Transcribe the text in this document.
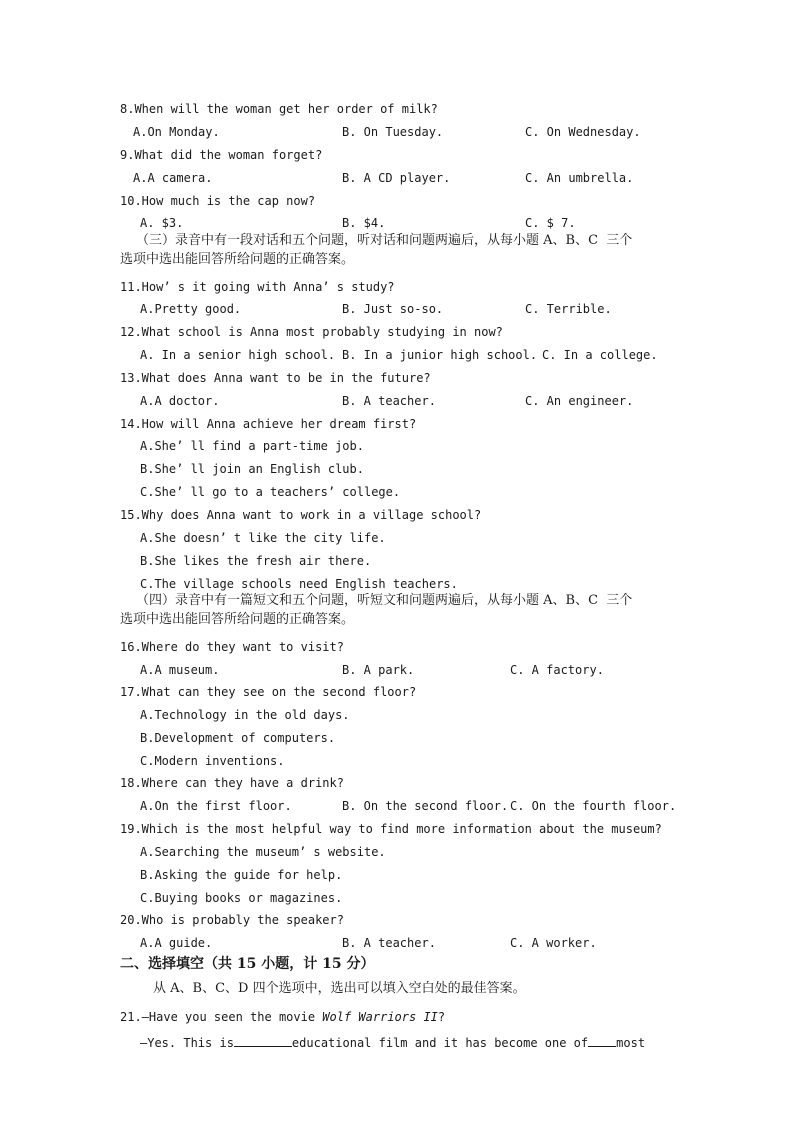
8.When will the woman get her order of milk?
A.On Monday.	B. On Tuesday.	C. On Wednesday.
9.What did the woman forget?
A.A camera.	B. A CD player.	C. An umbrella.
10.How much is the cap now?
A. $3.	B. $4.	C. $ 7.
（三）录音中有一段对话和五个问题，听对话和问题两遍后，从每小题 A、B、C  三个
选项中选出能回答所给问题的正确答案。
11.How’ s it going with Anna’ s study?
A.Pretty good.	B. Just so-so.	C. Terrible.
12.What school is Anna most probably studying in now?
A. In a senior high school. B. In a junior high school. C. In a college.
13.What does Anna want to be in the future?
A.A doctor.	B. A teacher.	C. An engineer.
14.How will Anna achieve her dream first?
A.She’ ll find a part-time job.
B.She’ ll join an English club.
C.She’ ll go to a teachers’ college.
15.Why does Anna want to work in a village school?
A.She doesn’ t like the city life.
B.She likes the fresh air there.
C.The village schools need English teachers.
（四）录音中有一篇短文和五个问题，听短文和问题两遍后，从每小题 A、B、C  三个
选项中选出能回答所给问题的正确答案。
16.Where do they want to visit?
A.A museum.	B. A park.	C. A factory.
17.What can they see on the second floor?
A.Technology in the old days.
B.Development of computers.
C.Modern inventions.
18.Where can they have a drink?
A.On the first floor.	B. On the second floor. C. On the fourth floor.
19.Which is the most helpful way to find more information about the museum?
A.Searching the museum’ s website.
B.Asking the guide for help.
C.Buying books or magazines.
20.Who is probably the speaker?
A.A guide.	B. A teacher.	C. A worker.
二、选择填空（共 15 小题，计 15 分）
从 A、B、C、D 四个选项中，选出可以填入空白处的最佳答案。
21.—Have you seen the movie Wolf Warriors II?
—Yes. This is	educational film and it has become one of most
